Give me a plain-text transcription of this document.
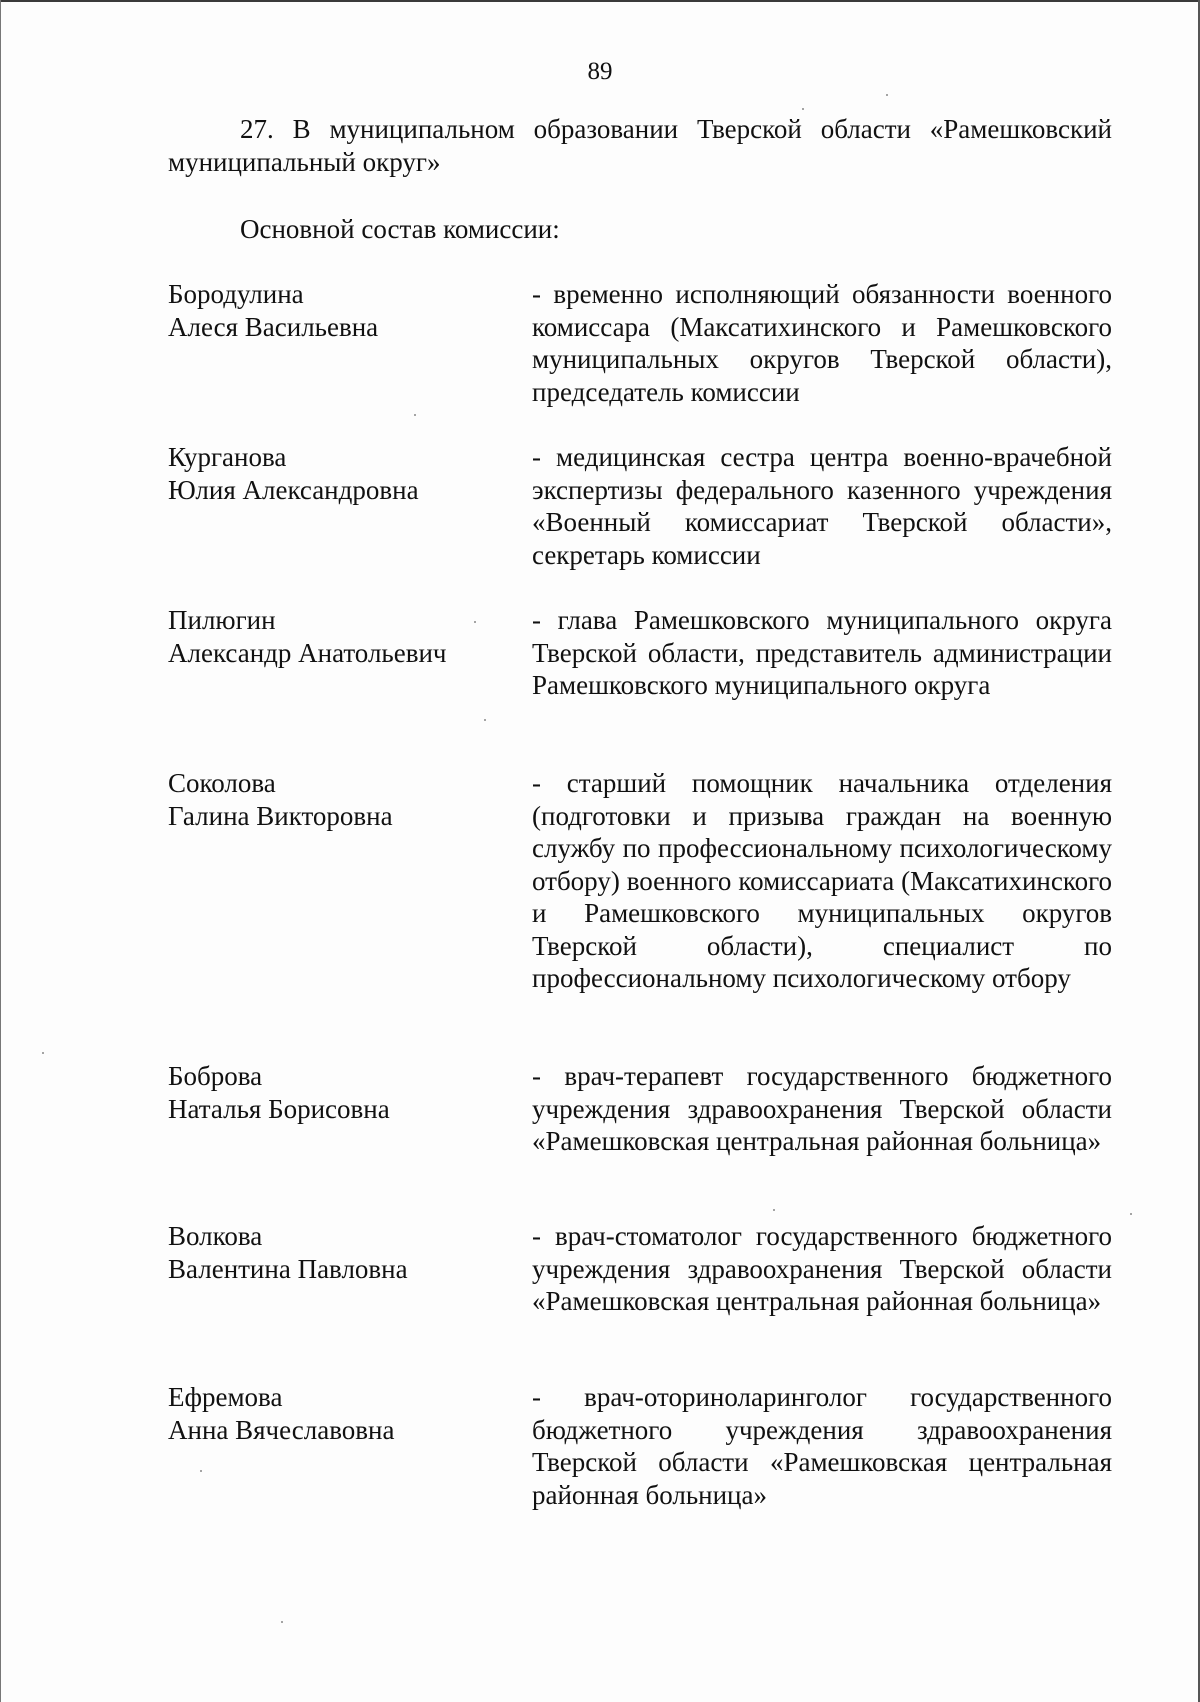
89
27. В муниципальном образовании Тверской области «Рамешковский муниципальный округ»
Основной состав комиссии:
Бородулина
Алеся Васильевна
- временно исполняющий обязанности военного комиссара (Максатихинского и Рамешковского муниципальных округов Тверской области), председатель комиссии
Курганова
Юлия Александровна
- медицинская сестра центра военно-врачебной экспертизы федерального казенного учреждения «Военный комиссариат Тверской области», секретарь комиссии
Пилюгин
Александр Анатольевич
- глава Рамешковского муниципального округа Тверской области, представитель администрации Рамешковского муниципального округа
Соколова
Галина Викторовна
- старший помощник начальника отделения (подготовки и призыва граждан на военную службу по профессиональному психологическому отбору) военного комиссариата (Максатихинского и Рамешковского муниципальных округов Тверской области), специалист по профессиональному психологическому отбору
Боброва
Наталья Борисовна
- врач-терапевт государственного бюджетного учреждения здравоохранения Тверской области «Рамешковская центральная районная больница»
Волкова
Валентина Павловна
- врач-стоматолог государственного бюджетного учреждения здравоохранения Тверской области «Рамешковская центральная районная больница»
Ефремова
Анна Вячеславовна
- врач-оториноларинголог государственного бюджетного учреждения здравоохранения Тверской области «Рамешковская центральная районная больница»
